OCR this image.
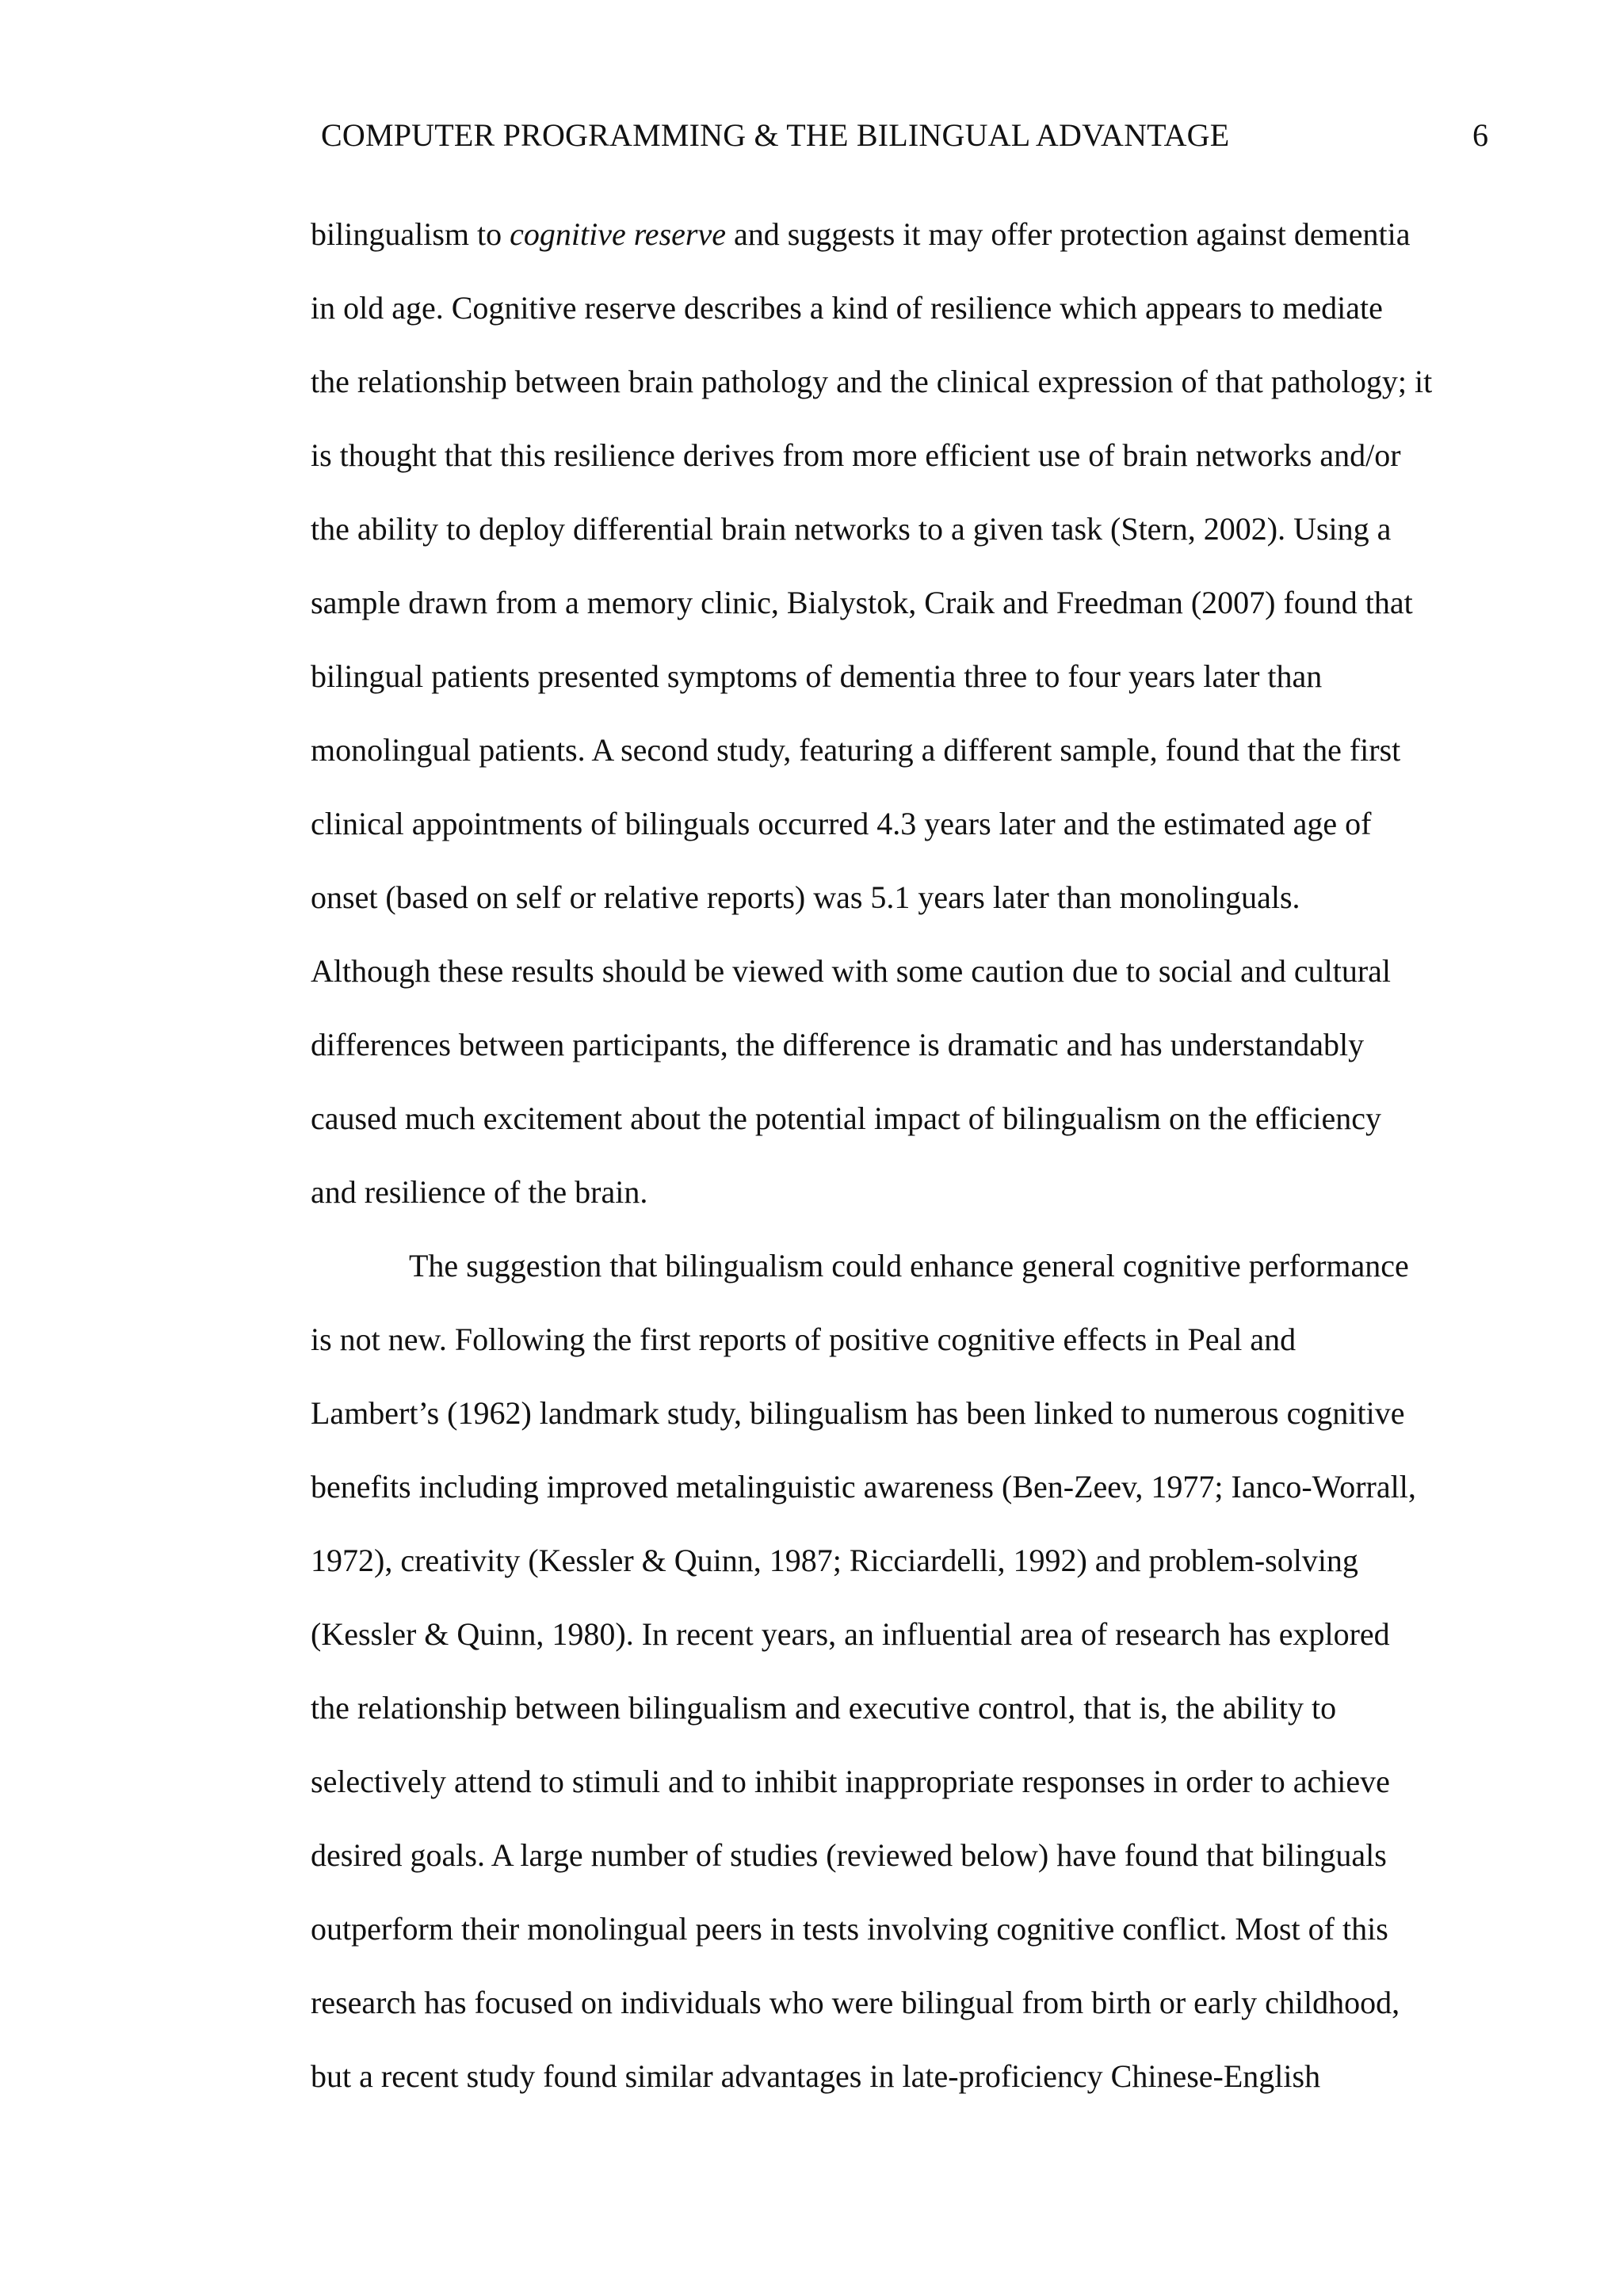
COMPUTER PROGRAMMING & THE BILINGUAL ADVANTAGE	6
bilingualism to cognitive reserve and suggests it may offer protection against dementia
in old age. Cognitive reserve describes a kind of resilience which appears to mediate
the relationship between brain pathology and the clinical expression of that pathology; it
is thought that this resilience derives from more efficient use of brain networks and/or
the ability to deploy differential brain networks to a given task (Stern, 2002). Using a
sample drawn from a memory clinic, Bialystok, Craik and Freedman (2007) found that
bilingual patients presented symptoms of dementia three to four years later than
monolingual patients. A second study, featuring a different sample, found that the first
clinical appointments of bilinguals occurred 4.3 years later and the estimated age of
onset (based on self or relative reports) was 5.1 years later than monolinguals.
Although these results should be viewed with some caution due to social and cultural
differences between participants, the difference is dramatic and has understandably
caused much excitement about the potential impact of bilingualism on the efficiency
and resilience of the brain.
The suggestion that bilingualism could enhance general cognitive performance
is not new. Following the first reports of positive cognitive effects in Peal and
Lambert’s (1962) landmark study, bilingualism has been linked to numerous cognitive
benefits including improved metalinguistic awareness (Ben-Zeev, 1977; Ianco-Worrall,
1972), creativity (Kessler & Quinn, 1987; Ricciardelli, 1992) and problem-solving
(Kessler & Quinn, 1980). In recent years, an influential area of research has explored
the relationship between bilingualism and executive control, that is, the ability to
selectively attend to stimuli and to inhibit inappropriate responses in order to achieve
desired goals. A large number of studies (reviewed below) have found that bilinguals
outperform their monolingual peers in tests involving cognitive conflict. Most of this
research has focused on individuals who were bilingual from birth or early childhood,
but a recent study found similar advantages in late-proficiency Chinese-English
